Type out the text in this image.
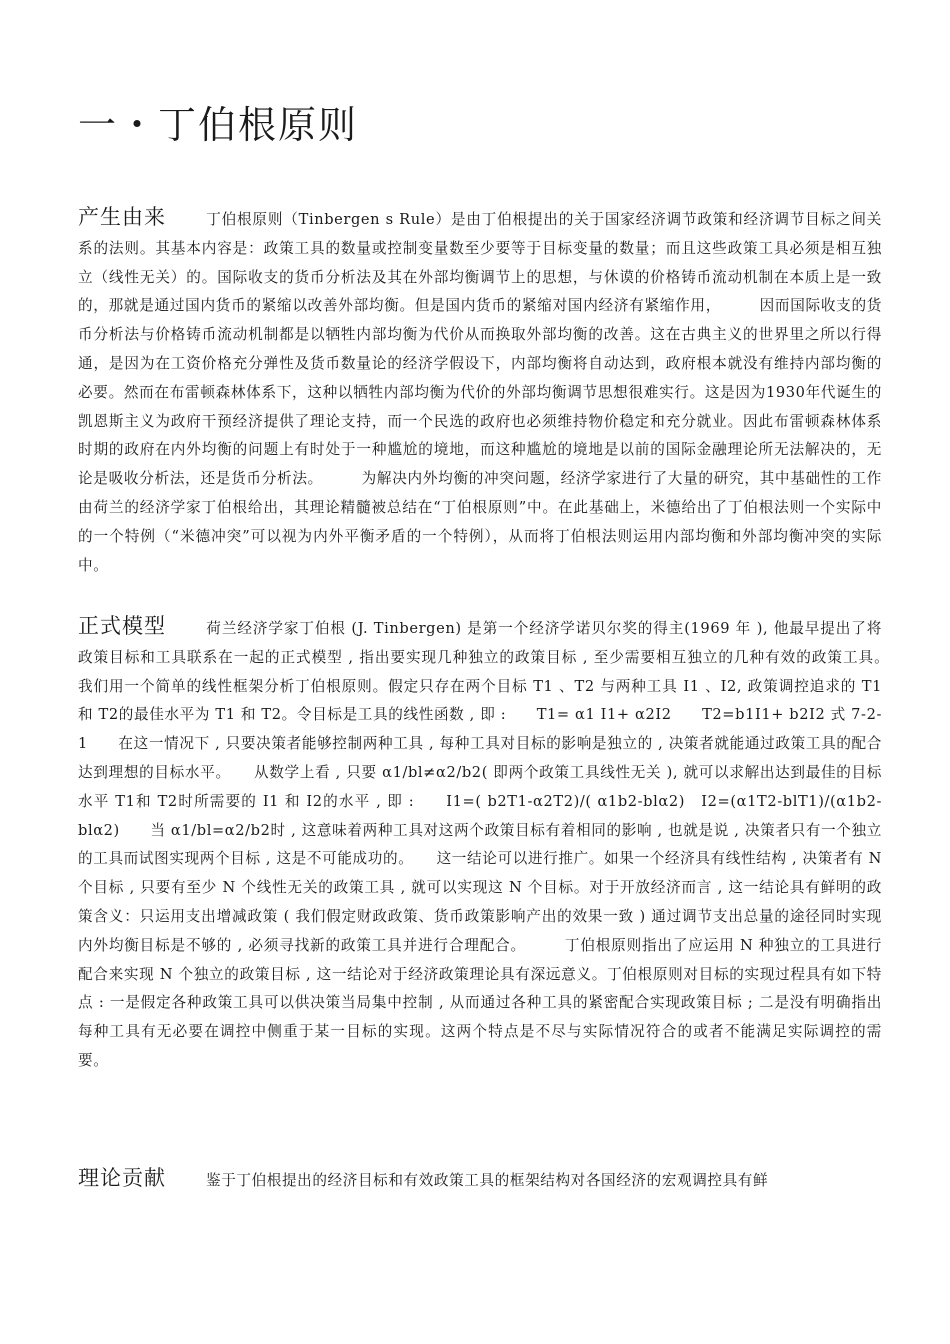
一・丁伯根原则
产生由来	丁伯根原则（Tinbergen s Rule）是由丁伯根提出的关于国家经济调节政策和经济调节目标之间关系的法则。其基本内容是：政策工具的数量或控制变量数至少要等于目标变量的数量；而且这些政策工具必须是相互独立（线性无关）的。国际收支的货币分析法及其在外部均衡调节上的思想，与休谟的价格铸币流动机制在本质上是一致的，那就是通过国内货币的紧缩以改善外部均衡。但是国内货币的紧缩对国内经济有紧缩作用，　　　因而国际收支的货币分析法与价格铸币流动机制都是以牺牲内部均衡为代价从而换取外部均衡的改善。这在古典主义的世界里之所以行得通，是因为在工资价格充分弹性及货币数量论的经济学假设下，内部均衡将自动达到，政府根本就没有维持内部均衡的必要。然而在布雷顿森林体系下，这种以牺牲内部均衡为代价的外部均衡调节思想很难实行。这是因为1930年代诞生的凯恩斯主义为政府干预经济提供了理论支持，而一个民选的政府也必须维持物价稳定和充分就业。因此布雷顿森林体系时期的政府在内外均衡的问题上有时处于一种尴尬的境地，而这种尴尬的境地是以前的国际金融理论所无法解决的，无论是吸收分析法，还是货币分析法。　　　为解决内外均衡的冲突问题，经济学家进行了大量的研究，其中基础性的工作由荷兰的经济学家丁伯根给出，其理论精髓被总结在“丁伯根原则”中。在此基础上，米德给出了丁伯根法则一个实际中的一个特例（“米德冲突”可以视为内外平衡矛盾的一个特例），从而将丁伯根法则运用内部均衡和外部均衡冲突的实际中。
正式模型	荷兰经济学家丁伯根 (J. Tinbergen) 是第一个经济学诺贝尔奖的得主(1969 年 ), 他最早提出了将政策目标和工具联系在一起的正式模型 , 指出要实现几种独立的政策目标 , 至少需要相互独立的几种有效的政策工具。　　　我们用一个简单的线性框架分析丁伯根原则。假定只存在两个目标 T1 、T2 与两种工具 I1 、I2, 政策调控追求的 T1 和 T2的最佳水平为 T1 和 T2。令目标是工具的线性函数 , 即 :　　T1= α1 I1+ α2I2　　T2=b1I1+ b2I2 式 7-2-1　　在这一情况下 , 只要决策者能够控制两种工具 , 每种工具对目标的影响是独立的 , 决策者就能通过政策工具的配合达到理想的目标水平。　　从数学上看 , 只要 α1/bl≠α2/b2( 即两个政策工具线性无关 ), 就可以求解出达到最佳的目标水平 T1和 T2时所需要的 I1 和 I2的水平 , 即 :　　I1=( b2T1-α2T2)/( α1b2-blα2)　I2=(α1T2-blT1)/(α1b2-blα2)　　当 α1/bl=α2/b2时 , 这意味着两种工具对这两个政策目标有着相同的影响 , 也就是说 , 决策者只有一个独立的工具而试图实现两个目标 , 这是不可能成功的。　　这一结论可以进行推广。如果一个经济具有线性结构 , 决策者有 N 个目标 , 只要有至少 N 个线性无关的政策工具 , 就可以实现这 N 个目标。对于开放经济而言 , 这一结论具有鲜明的政策含义：只运用支出增减政策 ( 我们假定财政政策、货币政策影响产出的效果一致 ) 通过调节支出总量的途径同时实现内外均衡目标是不够的 , 必须寻找新的政策工具并进行合理配合。　　　丁伯根原则指出了应运用 N 种独立的工具进行配合来实现 N 个独立的政策目标 , 这一结论对于经济政策理论具有深远意义。丁伯根原则对目标的实现过程具有如下特点 : 一是假定各种政策工具可以供决策当局集中控制 , 从而通过各种工具的紧密配合实现政策目标 ; 二是没有明确指出每种工具有无必要在调控中侧重于某一目标的实现。这两个特点是不尽与实际情况符合的或者不能满足实际调控的需要。
理论贡献	鉴于丁伯根提出的经济目标和有效政策工具的框架结构对各国经济的宏观调控具有鲜
